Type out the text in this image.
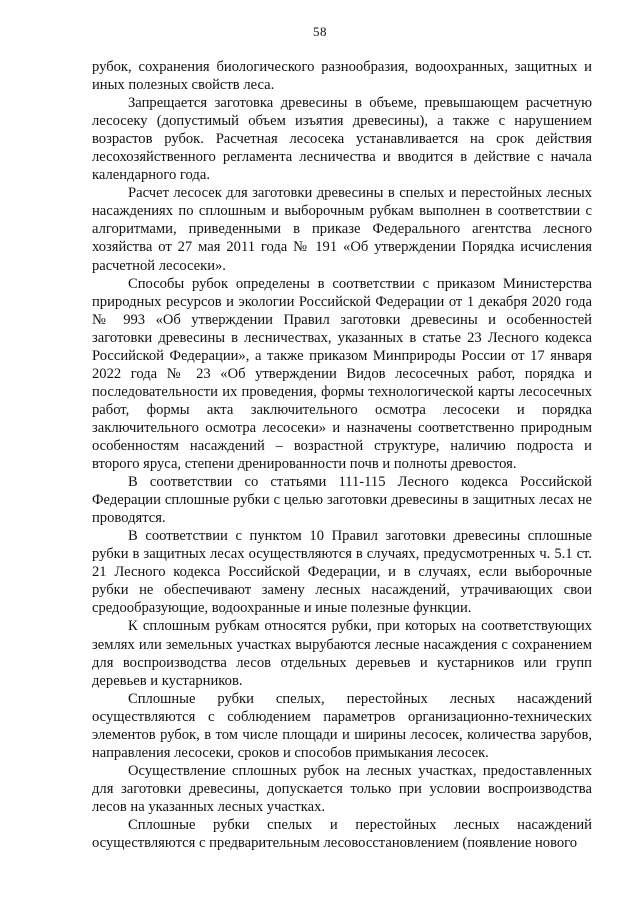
58

рубок, сохранения биологического разнообразия, водоохранных, защитных и иных полезных свойств леса.

Запрещается заготовка древесины в объеме, превышающем расчетную лесосеку (допустимый объем изъятия древесины), а также с нарушением возрастов рубок. Расчетная лесосека устанавливается на срок действия лесохозяйственного регламента лесничества и вводится в действие с начала календарного года.

Расчет лесосек для заготовки древесины в спелых и перестойных лесных насаждениях по сплошным и выборочным рубкам выполнен в соответствии с алгоритмами, приведенными в приказе Федерального агентства лесного хозяйства от 27 мая 2011 года № 191 «Об утверждении Порядка исчисления расчетной лесосеки».

Способы рубок определены в соответствии с приказом Министерства природных ресурсов и экологии Российской Федерации от 1 декабря 2020 года № 993 «Об утверждении Правил заготовки древесины и особенностей заготовки древесины в лесничествах, указанных в статье 23 Лесного кодекса Российской Федерации», а также приказом Минприроды России от 17 января 2022 года № 23 «Об утверждении Видов лесосечных работ, порядка и последовательности их проведения, формы технологической карты лесосечных работ, формы акта заключительного осмотра лесосеки и порядка заключительного осмотра лесосеки» и назначены соответственно природным особенностям насаждений – возрастной структуре, наличию подроста и второго яруса, степени дренированности почв и полноты древостоя.

В соответствии со статьями 111-115 Лесного кодекса Российской Федерации сплошные рубки с целью заготовки древесины в защитных лесах не проводятся.

В соответствии с пунктом 10 Правил заготовки древесины сплошные рубки в защитных лесах осуществляются в случаях, предусмотренных ч. 5.1 ст. 21 Лесного кодекса Российской Федерации, и в случаях, если выборочные рубки не обеспечивают замену лесных насаждений, утрачивающих свои средообразующие, водоохранные и иные полезные функции.

К сплошным рубкам относятся рубки, при которых на соответствующих землях или земельных участках вырубаются лесные насаждения с сохранением для воспроизводства лесов отдельных деревьев и кустарников или групп деревьев и кустарников.

Сплошные рубки спелых, перестойных лесных насаждений осуществляются с соблюдением параметров организационно-технических элементов рубок, в том числе площади и ширины лесосек, количества зарубов, направления лесосеки, сроков и способов примыкания лесосек.

Осуществление сплошных рубок на лесных участках, предоставленных для заготовки древесины, допускается только при условии воспроизводства лесов на указанных лесных участках.

Сплошные рубки спелых и перестойных лесных насаждений осуществляются с предварительным лесовосстановлением (появление нового
